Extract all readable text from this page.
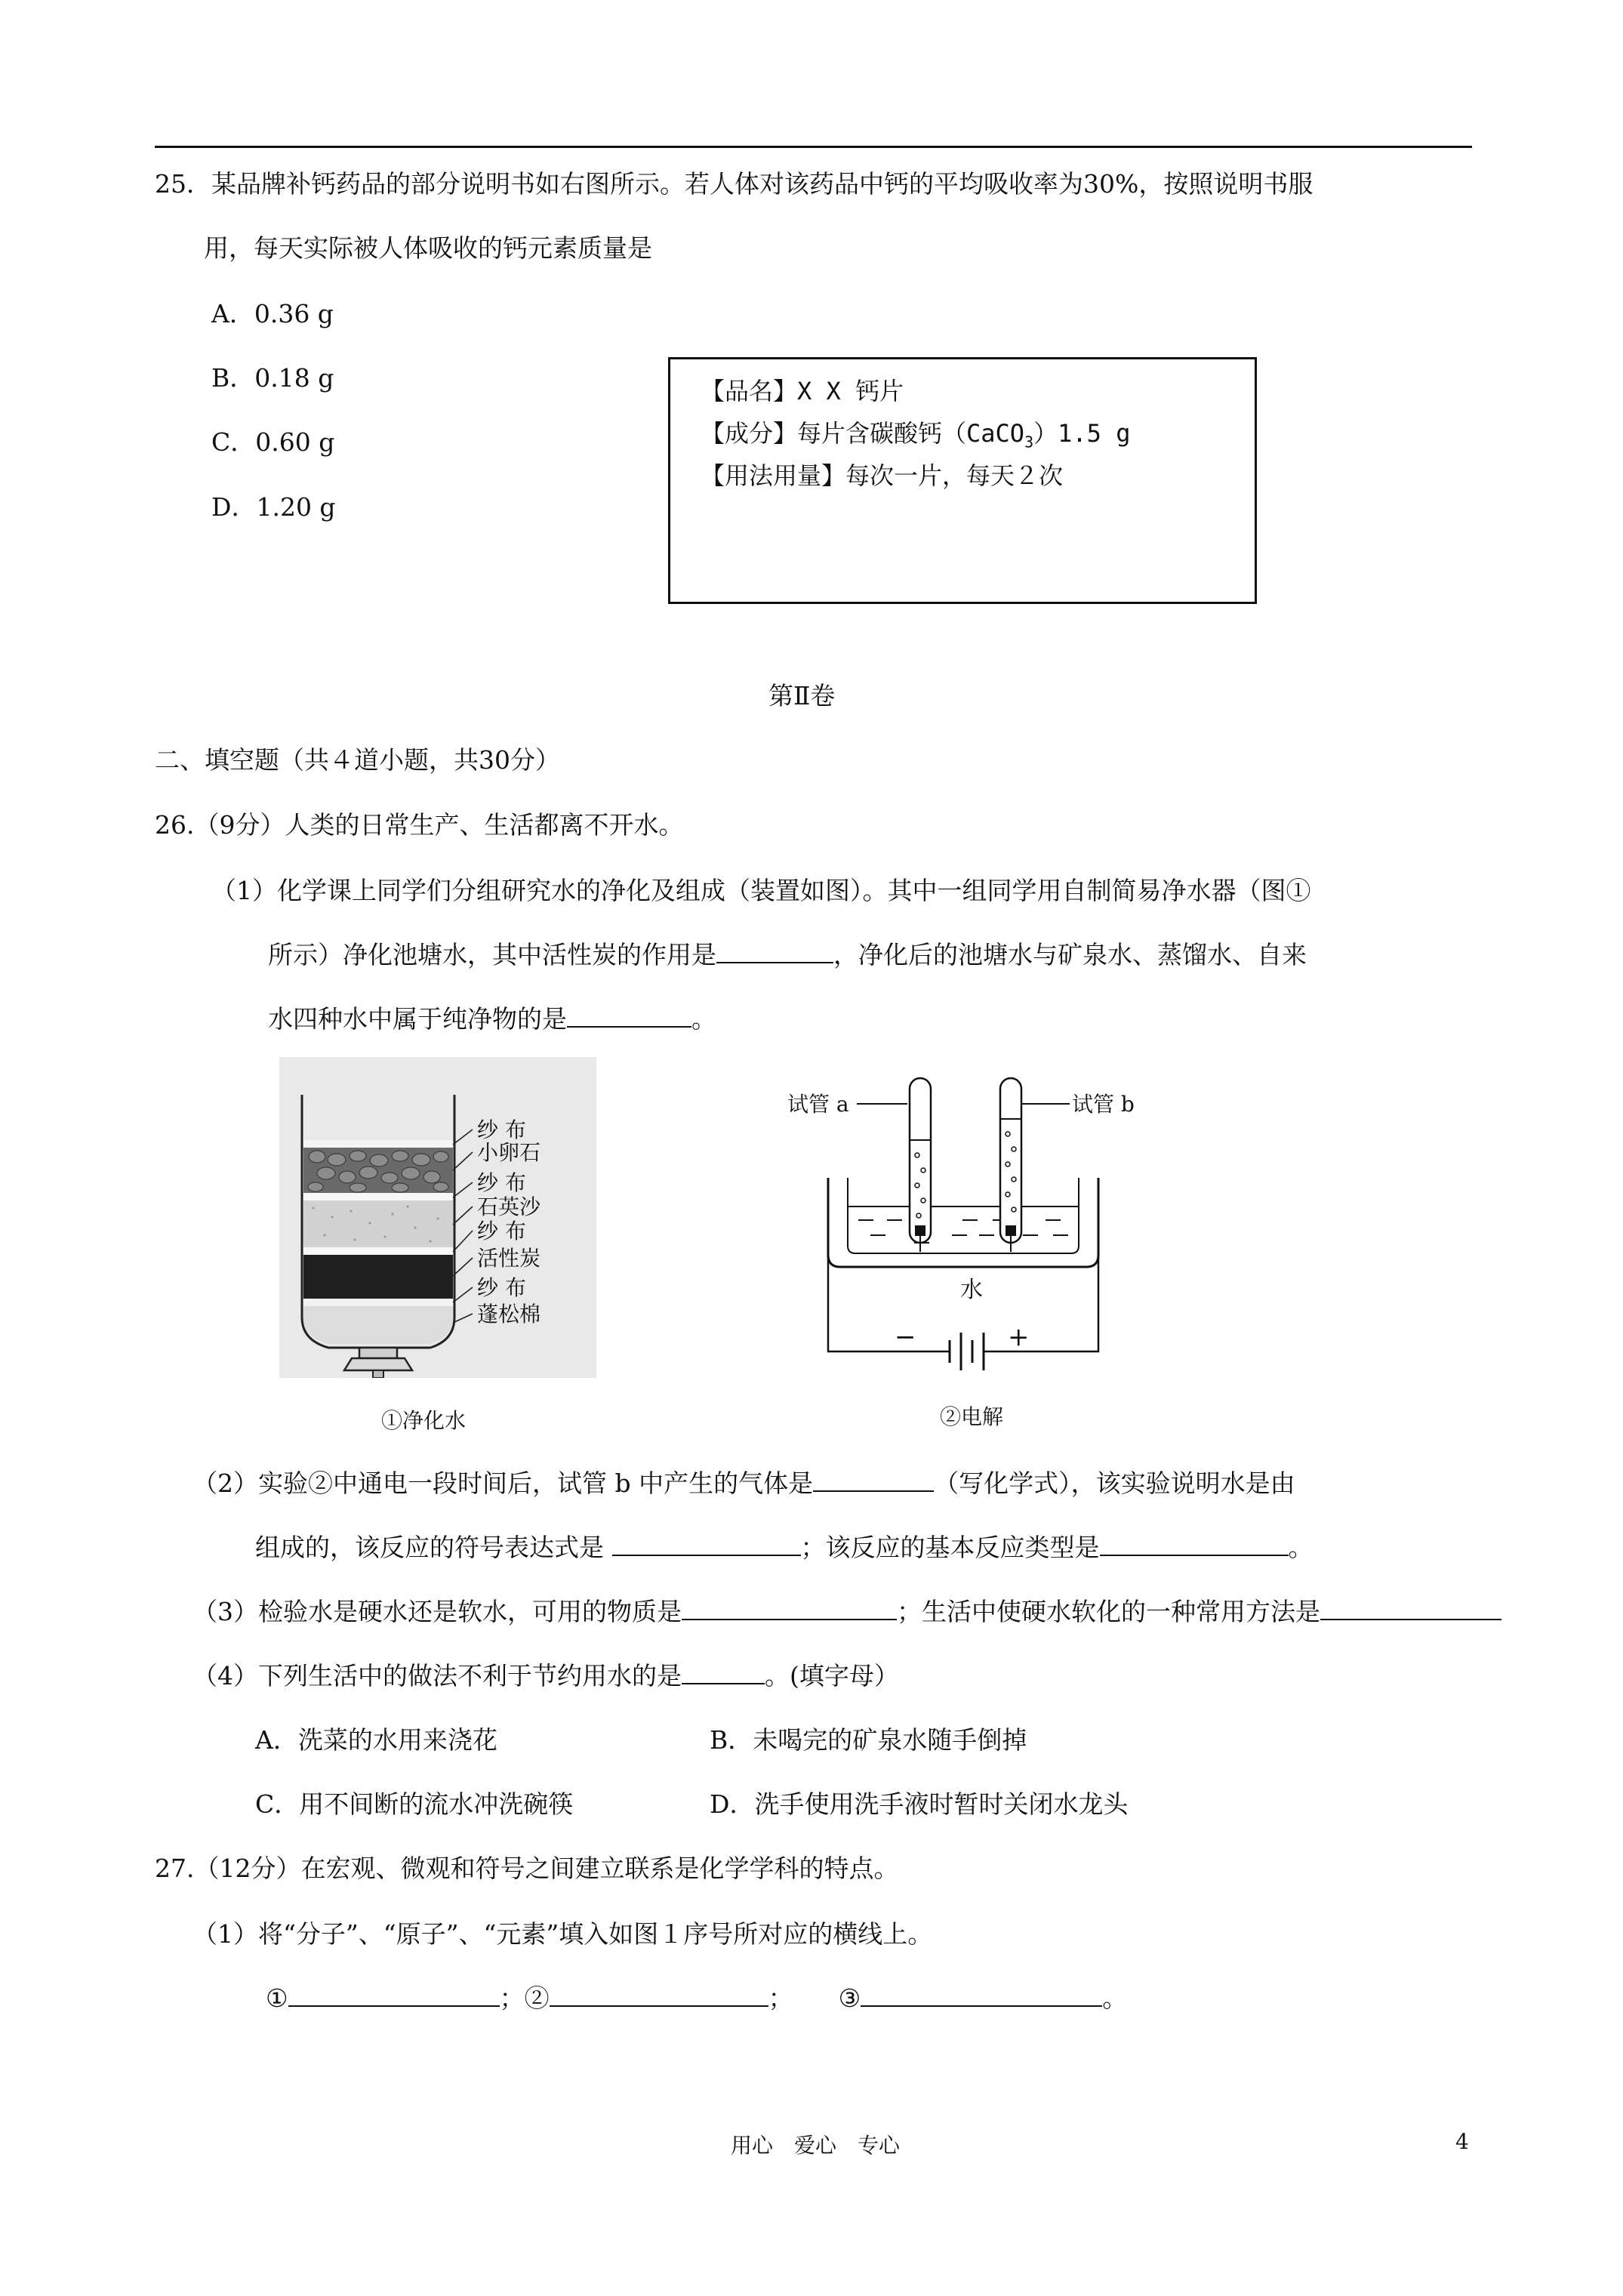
25．某品牌补钙药品的部分说明书如右图所示。若人体对该药品中钙的平均吸收率为30%，按照说明书服
用，每天实际被人体吸收的钙元素质量是
A．0.36 g
B．0.18 g
C．0.60 g
D．1.20 g
【品名】X X 钙片
【成分】每片含碳酸钙（CaCO$_3$）1.5 g
【用法用量】每次一片，每天２次
第Ⅱ卷
二、填空题（共４道小题，共30分）
26.（9分）人类的日常生产、生活都离不开水。
（1）化学课上同学们分组研究水的净化及组成（装置如图）。其中一组同学用自制简易净水器（图①
所示）净化池塘水，其中活性炭的作用是	，净化后的池塘水与矿泉水、蒸馏水、自来
水四种水中属于纯净物的是	。
纱 布
小卵石
纱 布
石英沙
纱 布
活性炭
纱 布
蓬松棉
①净化水
试管 a	试管 b
水
−	+
②电解
（2）实验②中通电一段时间后，试管 b 中产生的气体是	（写化学式），该实验说明水是由
组成的，该反应的符号表达式是	；该反应的基本反应类型是	。
（3）检验水是硬水还是软水，可用的物质是	；生活中使硬水软化的一种常用方法是
（4）下列生活中的做法不利于节约用水的是	。(填字母）
A．洗菜的水用来浇花	B．未喝完的矿泉水随手倒掉
C．用不间断的流水冲洗碗筷	D．洗手使用洗手液时暂时关闭水龙头
27.（12分）在宏观、微观和符号之间建立联系是化学学科的特点。
（1）将“分子”、“原子”、“元素”填入如图１序号所对应的横线上。
①	；②	； ③	。
用心　爱心　专心	4
